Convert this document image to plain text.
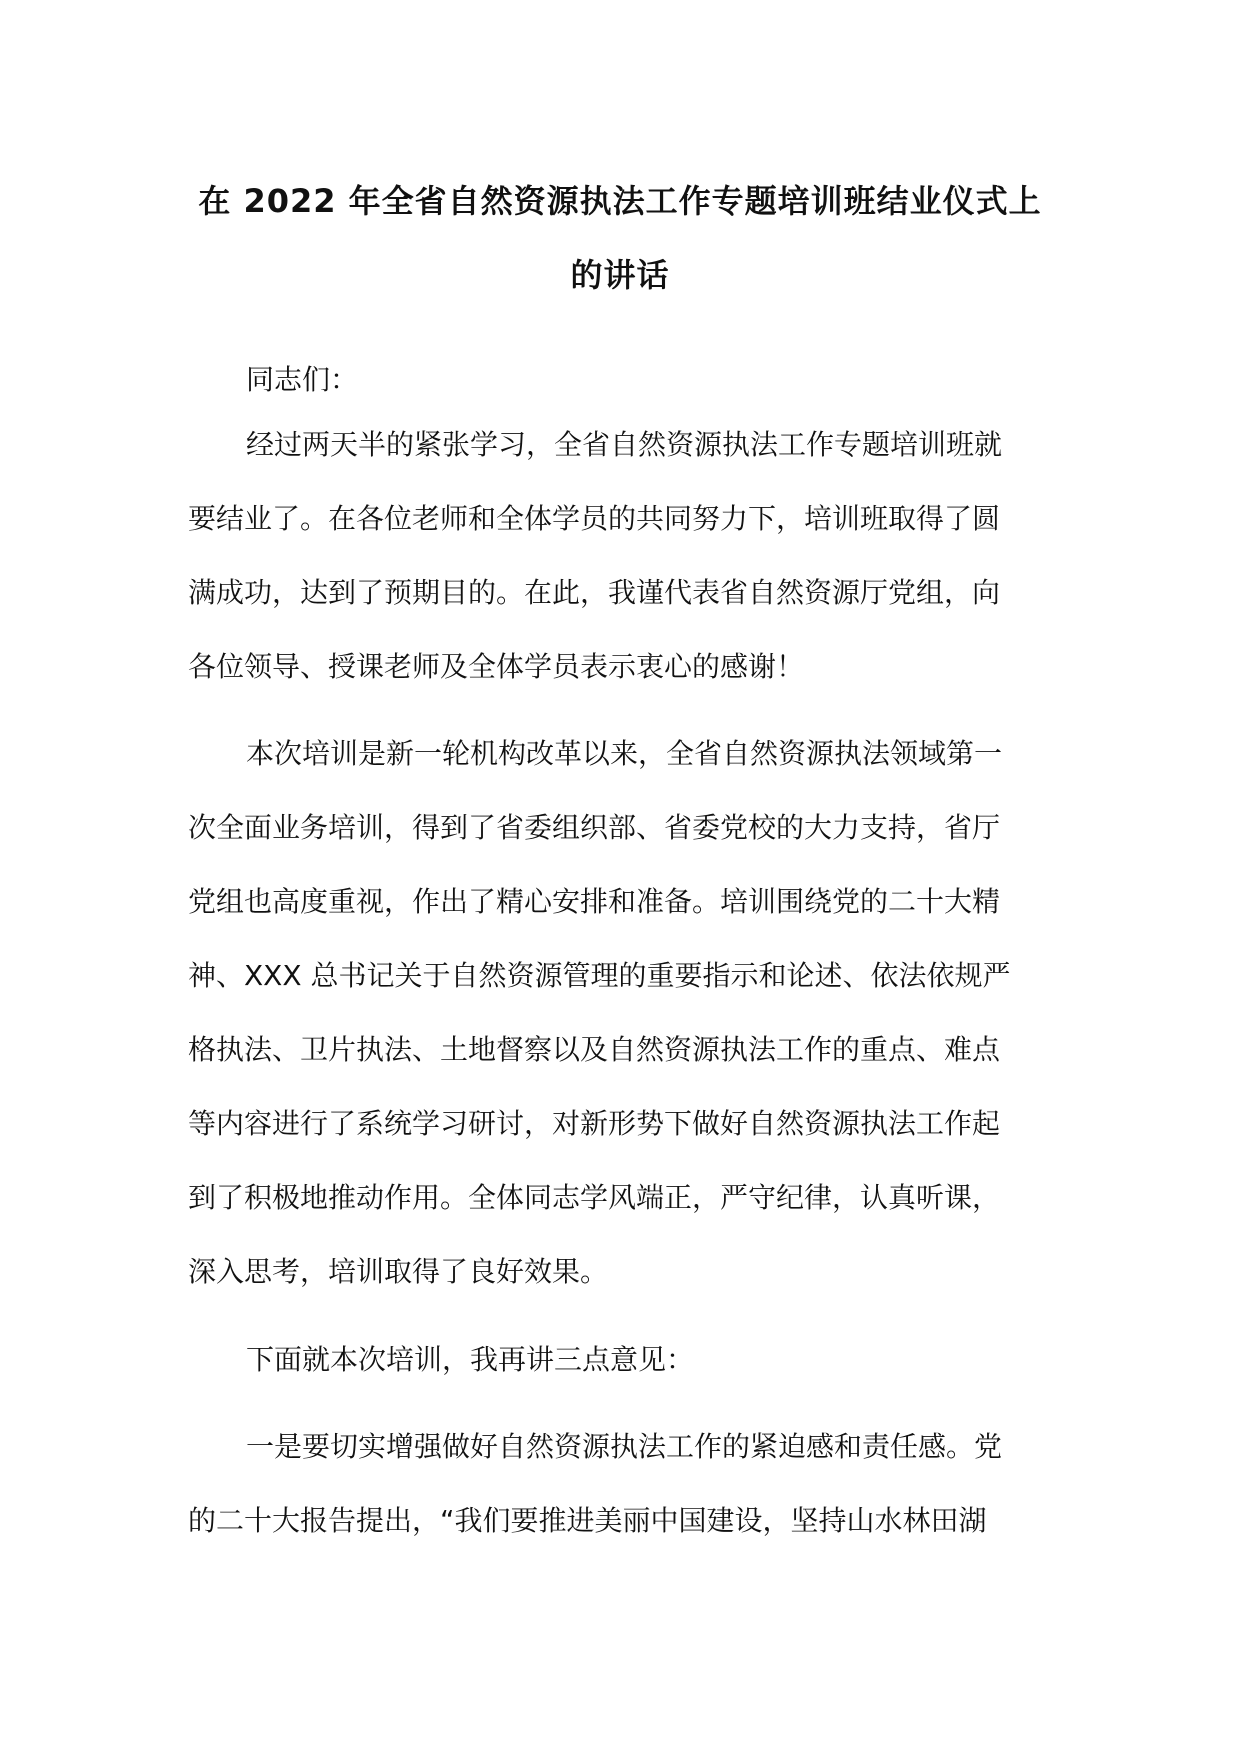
在 2022 年全省自然资源执法工作专题培训班结业仪式上
的讲话

同志们：

经过两天半的紧张学习，全省自然资源执法工作专题培训班就
要结业了。在各位老师和全体学员的共同努力下，培训班取得了圆
满成功，达到了预期目的。在此，我谨代表省自然资源厅党组，向
各位领导、授课老师及全体学员表示衷心的感谢！

本次培训是新一轮机构改革以来，全省自然资源执法领域第一
次全面业务培训，得到了省委组织部、省委党校的大力支持，省厅
党组也高度重视，作出了精心安排和准备。培训围绕党的二十大精
神、XXX 总书记关于自然资源管理的重要指示和论述、依法依规严
格执法、卫片执法、土地督察以及自然资源执法工作的重点、难点
等内容进行了系统学习研讨，对新形势下做好自然资源执法工作起
到了积极地推动作用。全体同志学风端正，严守纪律，认真听课，
深入思考，培训取得了良好效果。

下面就本次培训，我再讲三点意见：

一是要切实增强做好自然资源执法工作的紧迫感和责任感。党
的二十大报告提出，“我们要推进美丽中国建设，坚持山水林田湖
